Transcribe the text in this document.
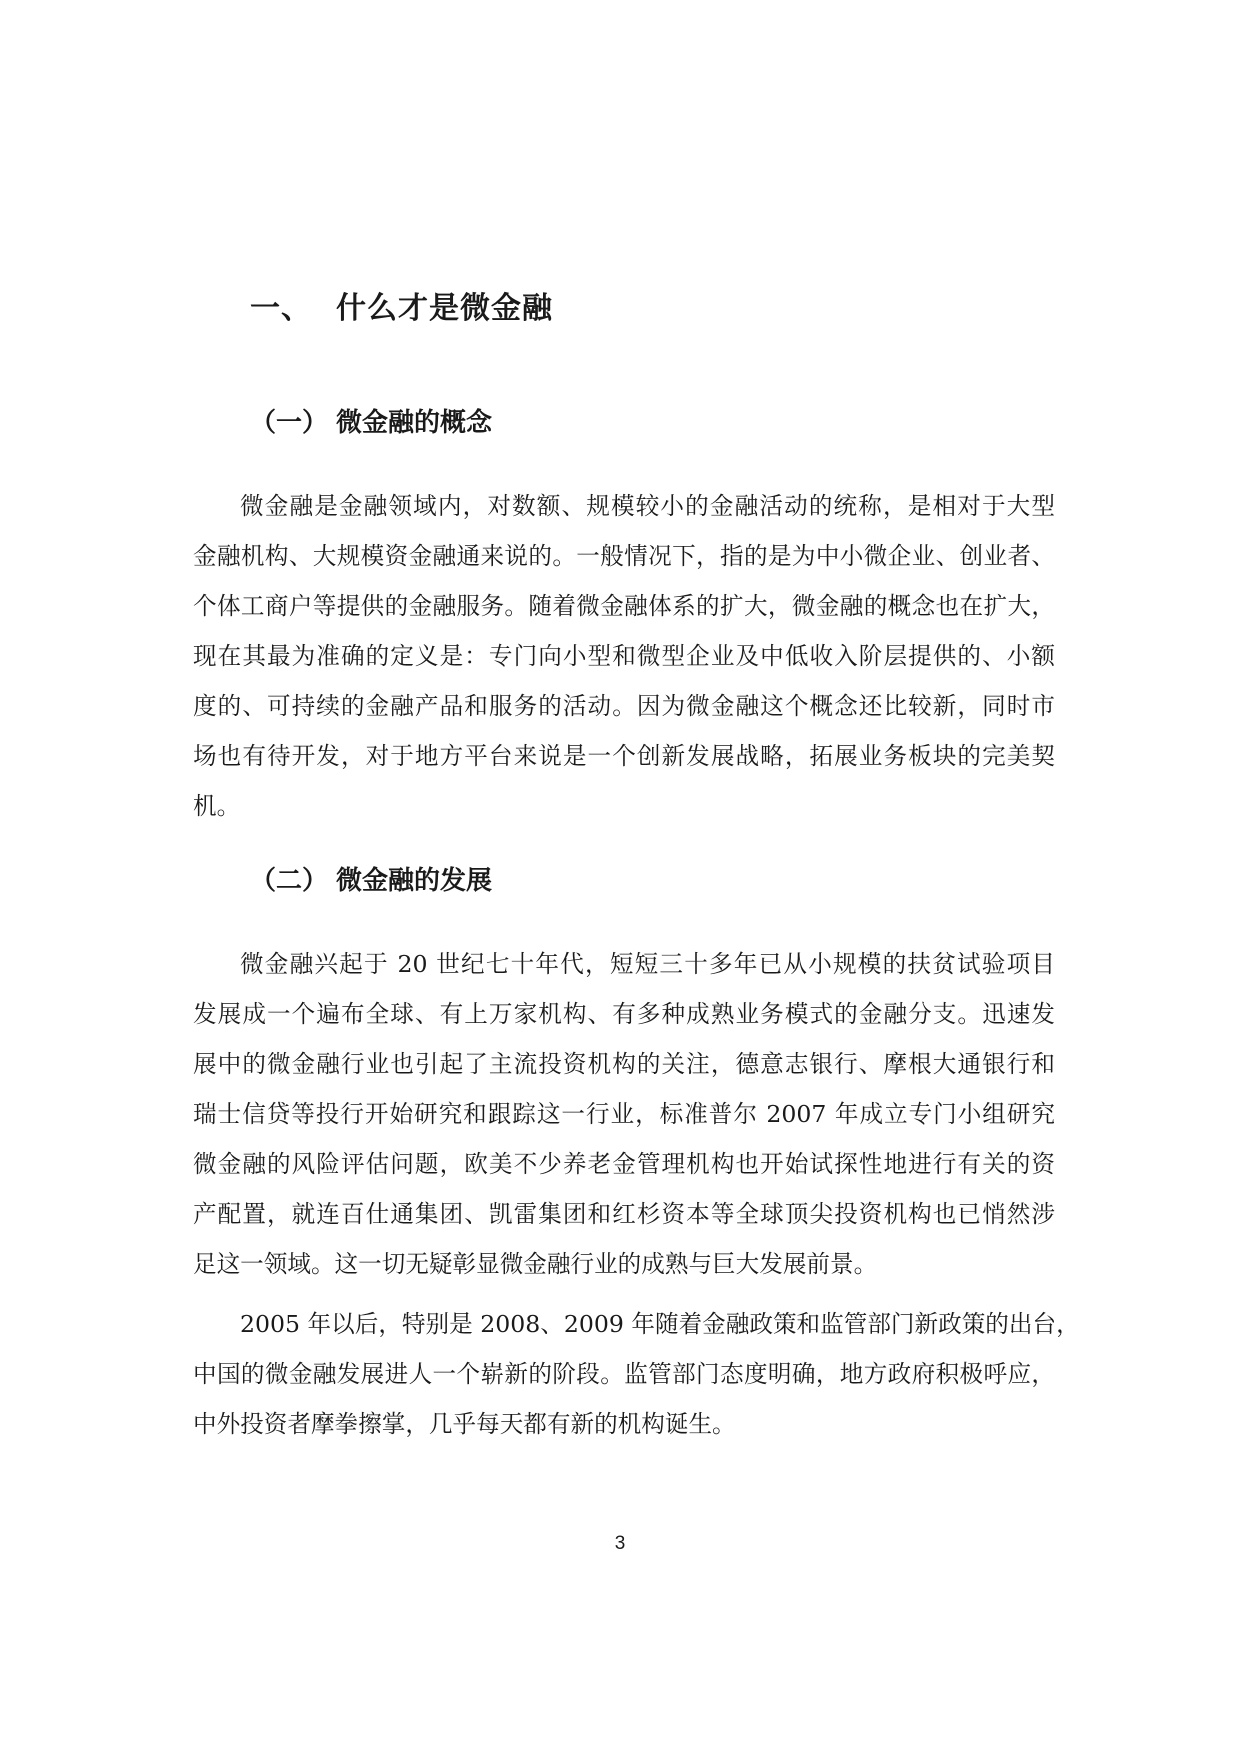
一、 什么才是微金融
（一） 微金融的概念
微金融是金融领域内，对数额、规模较小的金融活动的统称，是相对于大型
金融机构、大规模资金融通来说的。一般情况下，指的是为中小微企业、创业者、
个体工商户等提供的金融服务。随着微金融体系的扩大，微金融的概念也在扩大，
现在其最为准确的定义是：专门向小型和微型企业及中低收入阶层提供的、小额
度的、可持续的金融产品和服务的活动。因为微金融这个概念还比较新，同时市
场也有待开发，对于地方平台来说是一个创新发展战略，拓展业务板块的完美契
机。
（二） 微金融的发展
微金融兴起于 20 世纪七十年代，短短三十多年已从小规模的扶贫试验项目
发展成一个遍布全球、有上万家机构、有多种成熟业务模式的金融分支。迅速发
展中的微金融行业也引起了主流投资机构的关注，德意志银行、摩根大通银行和
瑞士信贷等投行开始研究和跟踪这一行业，标准普尔 2007 年成立专门小组研究
微金融的风险评估问题，欧美不少养老金管理机构也开始试探性地进行有关的资
产配置，就连百仕通集团、凯雷集团和红杉资本等全球顶尖投资机构也已悄然涉
足这一领域。这一切无疑彰显微金融行业的成熟与巨大发展前景。
2005 年以后，特别是 2008、2009 年随着金融政策和监管部门新政策的出台，
中国的微金融发展进人一个崭新的阶段。监管部门态度明确，地方政府积极呼应，
中外投资者摩拳擦掌，几乎每天都有新的机构诞生。
3
